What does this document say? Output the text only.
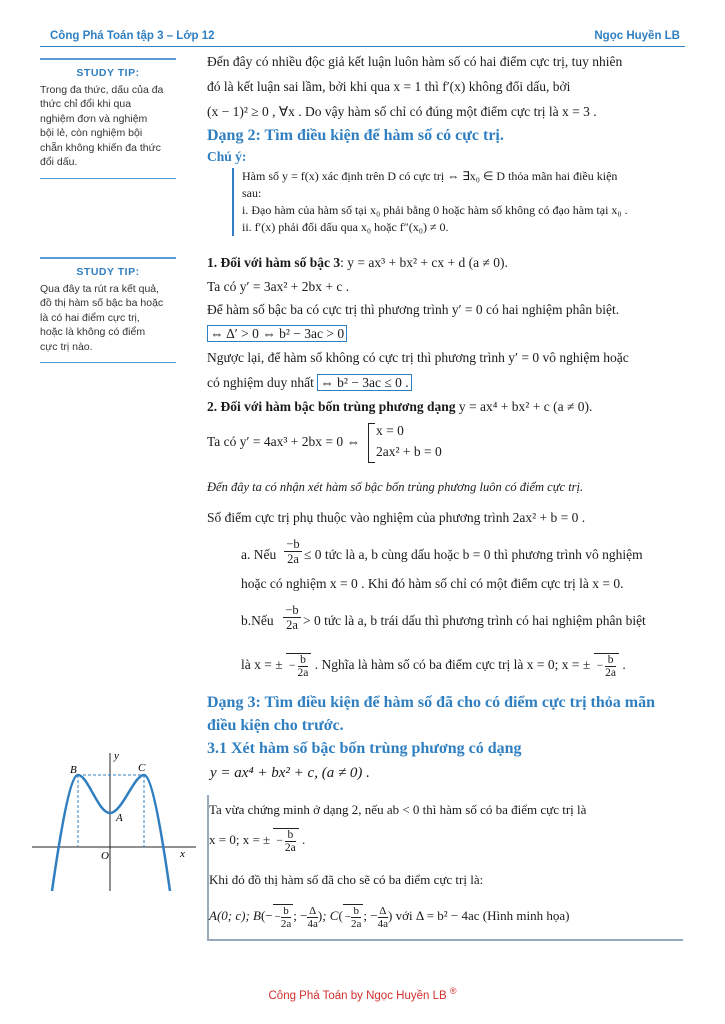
Công Phá Toán tập 3 – Lớp 12	Ngọc Huyền LB
STUDY TIP:
Trong đa thức, dấu của đa
thức chỉ đổi khi qua
nghiệm đơn và nghiệm
bội lẻ, còn nghiệm bội
chẵn không khiến đa thức
đổi dấu.
STUDY TIP:
Qua đây ta rút ra kết quả,
đồ thị hàm số bậc ba hoặc
là có hai điểm cực trị,
hoặc là không có điểm
cực trị nào.
Đến đây có nhiều độc giả kết luận luôn hàm số có hai điểm cực trị, tuy nhiên
đó là kết luận sai lầm, bởi khi qua x = 1 thì f′(x) không đổi dấu, bởi
(x − 1)² ≥ 0 , ∀x . Do vậy hàm số chỉ có đúng một điểm cực trị là x = 3 .
Dạng 2: Tìm điều kiện để hàm số có cực trị.
Chú ý:
Hàm số y = f(x) xác định trên D có cực trị ⇔ ∃x₀ ∈ D thỏa mãn hai điều kiện
sau:
i. Đạo hàm của hàm số tại x₀ phải bằng 0 hoặc hàm số không có đạo hàm tại x₀ .
ii. f′(x) phải đổi dấu qua x₀ hoặc f″(x₀) ≠ 0.
1. Đối với hàm số bậc 3: y = ax³ + bx² + cx + d (a ≠ 0).
Ta có y′ = 3ax² + 2bx + c .
Để hàm số bậc ba có cực trị thì phương trình y′ = 0 có hai nghiệm phân biệt.
⇔ Δ′ > 0 ⇔ b² − 3ac > 0
Ngược lại, để hàm số không có cực trị thì phương trình y′ = 0 vô nghiệm hoặc
có nghiệm duy nhất ⇔ b² − 3ac ≤ 0 .
2. Đối với hàm bậc bốn trùng phương dạng y = ax⁴ + bx² + c (a ≠ 0).
Ta có y′ = 4ax³ + 2bx = 0 ⇔
x = 0
2ax² + b = 0
Đến đây ta có nhận xét hàm số bậc bốn trùng phương luôn có điểm cực trị.
Số điểm cực trị phụ thuộc vào nghiệm của phương trình 2ax² + b = 0 .
a. Nếu
−b
2a ≤ 0 tức là a, b cùng dấu hoặc b = 0 thì phương trình vô nghiệm
hoặc có nghiệm x = 0 . Khi đó hàm số chỉ có một điểm cực trị là x = 0.
b.Nếu
−b
2a > 0 tức là a, b trái dấu thì phương trình có hai nghiệm phân biệt
là x = ± − $\frac{b}{2a}$ . Nghĩa là hàm số có ba điểm cực trị là x = 0; x = ± − $\frac{b}{2a}$ .
Dạng 3: Tìm điều kiện để hàm số đã cho có điểm cực trị thỏa mãn
điều kiện cho trước.
3.1 Xét hàm số bậc bốn trùng phương có dạng
y = ax⁴ + bx² + c, (a ≠ 0) .
Ta vừa chứng minh ở dạng 2, nếu ab < 0 thì hàm số có ba điểm cực trị là
x = 0; x = ± − $\frac{b}{2a}$ .
Khi đó đồ thị hàm số đã cho sẽ có ba điểm cực trị là:
A(0; c); $B(- - \frac{b}{2a}$ ; − $\frac{\Delta}{4a}$ ); $C( - \frac{b}{2a}$ ; − $\frac{\Delta}{4a}$ ) với Δ = b² − 4ac (Hình minh họa)
B	C
A
O	x
y
Công Phá Toán by Ngọc Huyền LB ®
